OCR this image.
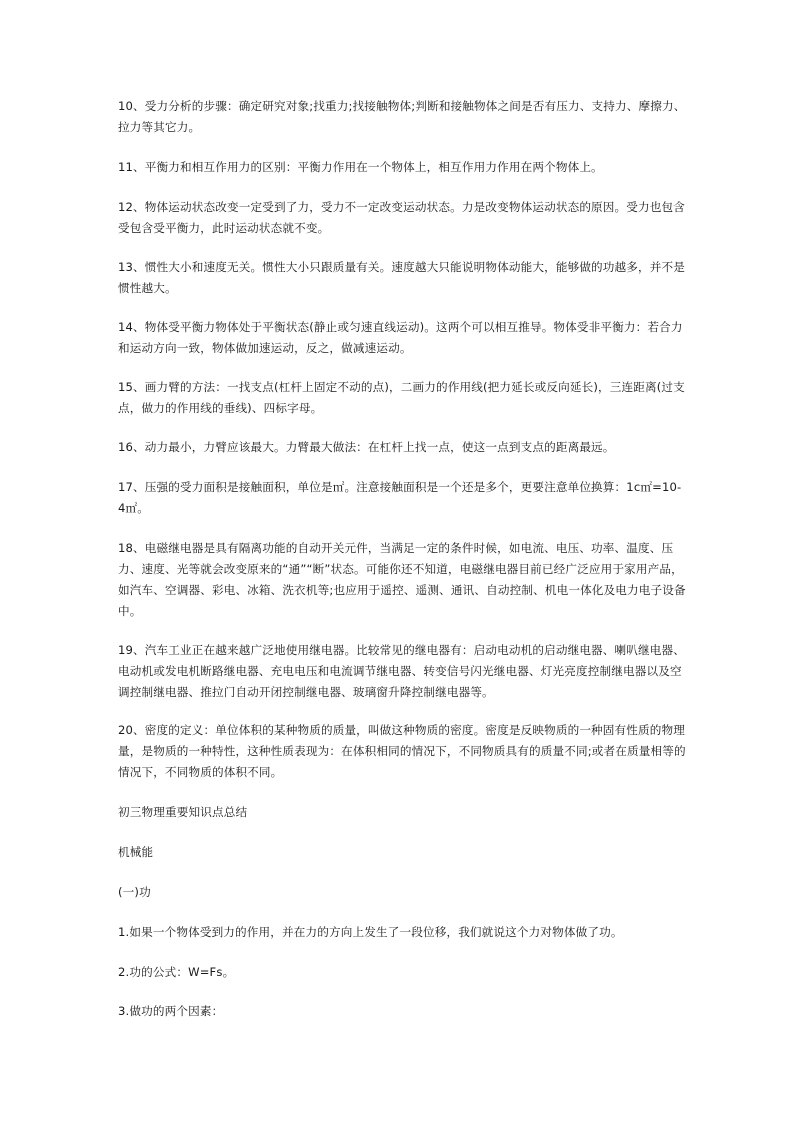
10、受力分析的步骤：确定研究对象;找重力;找接触物体;判断和接触物体之间是否有压力、支持力、摩擦力、拉力等其它力。

11、平衡力和相互作用力的区别：平衡力作用在一个物体上，相互作用力作用在两个物体上。

12、物体运动状态改变一定受到了力，受力不一定改变运动状态。力是改变物体运动状态的原因。受力也包含受包含受平衡力，此时运动状态就不变。

13、惯性大小和速度无关。惯性大小只跟质量有关。速度越大只能说明物体动能大，能够做的功越多，并不是惯性越大。

14、物体受平衡力物体处于平衡状态(静止或匀速直线运动)。这两个可以相互推导。物体受非平衡力：若合力和运动方向一致，物体做加速运动，反之，做减速运动。

15、画力臂的方法：一找支点(杠杆上固定不动的点)，二画力的作用线(把力延长或反向延长)，三连距离(过支点，做力的作用线的垂线)、四标字母。

16、动力最小，力臂应该最大。力臂最大做法：在杠杆上找一点，使这一点到支点的距离最远。

17、压强的受力面积是接触面积，单位是㎡。注意接触面积是一个还是多个，更要注意单位换算：1c㎡=10-4㎡。

18、电磁继电器是具有隔离功能的自动开关元件，当满足一定的条件时候，如电流、电压、功率、温度、压力、速度、光等就会改变原来的“通”“断”状态。可能你还不知道，电磁继电器目前已经广泛应用于家用产品，如汽车、空调器、彩电、冰箱、洗衣机等;也应用于遥控、遥测、通讯、自动控制、机电一体化及电力电子设备中。

19、汽车工业正在越来越广泛地使用继电器。比较常见的继电器有：启动电动机的启动继电器、喇叭继电器、电动机或发电机断路继电器、充电电压和电流调节继电器、转变信号闪光继电器、灯光亮度控制继电器以及空调控制继电器、推拉门自动开闭控制继电器、玻璃窗升降控制继电器等。

20、密度的定义：单位体积的某种物质的质量，叫做这种物质的密度。密度是反映物质的一种固有性质的物理量，是物质的一种特性，这种性质表现为：在体积相同的情况下，不同物质具有的质量不同;或者在质量相等的情况下，不同物质的体积不同。

初三物理重要知识点总结

机械能

(一)功

1.如果一个物体受到力的作用，并在力的方向上发生了一段位移，我们就说这个力对物体做了功。

2.功的公式：W=Fs。

3.做功的两个因素：
